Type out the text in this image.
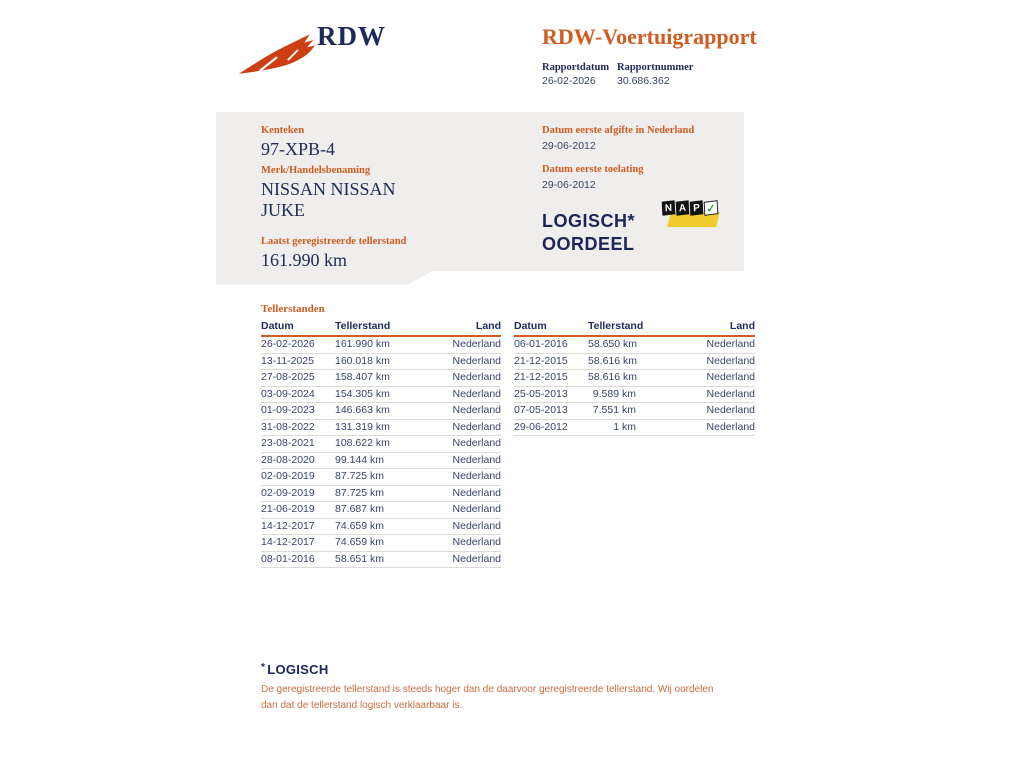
RDW	RDW-Voertuigrapport
Rapportdatum
26-02-2026
Rapportnummer
30.686.362
Kenteken
97-XPB-4
Merk/Handelsbenaming
NISSAN NISSAN JUKE
Laatst geregistreerde tellerstand
161.990 km
Datum eerste afgifte in Nederland
29-06-2012
Datum eerste toelating
29-06-2012
LOGISCH*
OORDEEL
N A P ✓
Tellerstanden
Datum	Tellerstand	Land
26-02-2026	161.990 km	Nederland
13-11-2025	160.018 km	Nederland
27-08-2025	158.407 km	Nederland
03-09-2024	154.305 km	Nederland
01-09-2023	146.663 km	Nederland
31-08-2022	131.319 km	Nederland
23-08-2021	108.622 km	Nederland
28-08-2020	99.144 km	Nederland
02-09-2019	87.725 km	Nederland
02-09-2019	87.725 km	Nederland
21-06-2019	87.687 km	Nederland
14-12-2017	74.659 km	Nederland
14-12-2017	74.659 km	Nederland
08-01-2016	58.651 km	Nederland
Datum	Tellerstand	Land
06-01-2016	58.650 km	Nederland
21-12-2015	58.616 km	Nederland
21-12-2015	58.616 km	Nederland
25-05-2013	9.589 km	Nederland
07-05-2013	7.551 km	Nederland
29-06-2012	1 km	Nederland
* LOGISCH
De geregistreerde tellerstand is steeds hoger dan de daarvoor geregistreerde tellerstand. Wij oordelen dan dat de tellerstand logisch verklaarbaar is.
